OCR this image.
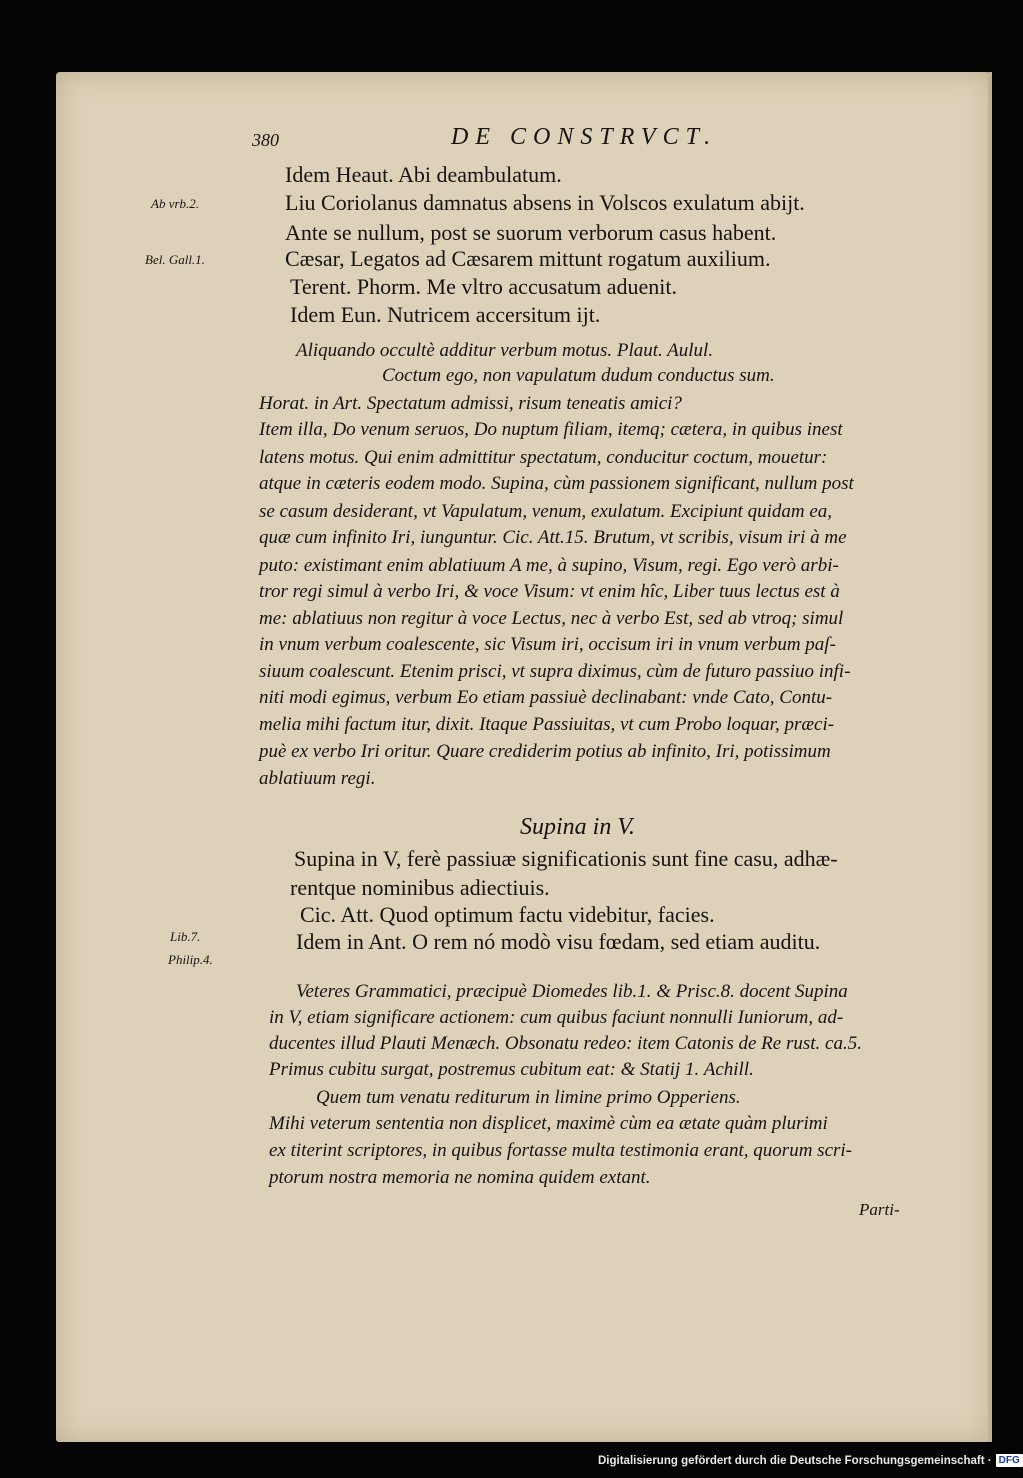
380	DE CONSTRVCT.
Ab vrb.2.
Bel. Gall.1.
Lib.7.
Philip.4.

Idem Heaut. Abi deambulatum.

Liu Coriolanus damnatus absens in Volscos exulatum abijt.

Ante se nullum, post se suorum verborum casus habent.

Cæsar, Legatos ad Cæsarem mittunt rogatum auxilium.

Terent. Phorm. Me vltro accusatum aduenit.

Idem Eun. Nutricem accersitum ijt.

Aliquando occultè additur verbum motus. Plaut. Aulul.

Coctum ego, non vapulatum dudum conductus sum.

Horat. in Art. Spectatum admissi, risum teneatis amici?

Item illa, Do venum seruos, Do nuptum filiam, itemq; cætera, in quibus inest

latens motus. Qui enim admittitur spectatum, conducitur coctum, mouetur:

atque in cæteris eodem modo. Supina, cùm passionem significant, nullum post

se casum desiderant, vt Vapulatum, venum, exulatum. Excipiunt quidam ea,

quæ cum infinito Iri, iunguntur. Cic. Att.15. Brutum, vt scribis, visum iri à me

puto: existimant enim ablatiuum A me, à supino, Visum, regi. Ego verò arbi-

tror regi simul à verbo Iri, & voce Visum: vt enim hîc, Liber tuus lectus est à

me: ablatiuus non regitur à voce Lectus, nec à verbo Est, sed ab vtroq; simul

in vnum verbum coalescente, sic Visum iri, occisum iri in vnum verbum paſ-

siuum coalescunt. Etenim prisci, vt supra diximus, cùm de futuro passiuo infi-

niti modi egimus, verbum Eo etiam passiuè declinabant: vnde Cato, Contu-

melia mihi factum itur, dixit. Itaque Passiuitas, vt cum Probo loquar, præci-

puè ex verbo Iri oritur. Quare crediderim potius ab infinito, Iri, potissimum

ablatiuum regi.

Supina in V.

Supina in V, ferè passiuæ significationis sunt fine casu, adhæ-

rentque nominibus adiectiuis.

Cic. Att. Quod optimum factu videbitur, facies.

Idem in Ant. O rem nó modò visu fœdam, sed etiam auditu.

Veteres Grammatici, præcipuè Diomedes lib.1. & Prisc.8. docent Supina

in V, etiam significare actionem: cum quibus faciunt nonnulli Iuniorum, ad-

ducentes illud Plauti Menæch. Obsonatu redeo: item Catonis de Re rust. ca.5.

Primus cubitu surgat, postremus cubitum eat: & Statij 1. Achill.

Quem tum venatu rediturum in limine primo Opperiens.

Mihi veterum sententia non displicet, maximè cùm ea ætate quàm plurimi

ex titerint scriptores, in quibus fortasse multa testimonia erant, quorum scri-

ptorum nostra memoria ne nomina quidem extant.

Parti-
Digitalisierung gefördert durch die Deutsche Forschungsgemeinschaft · DFG
